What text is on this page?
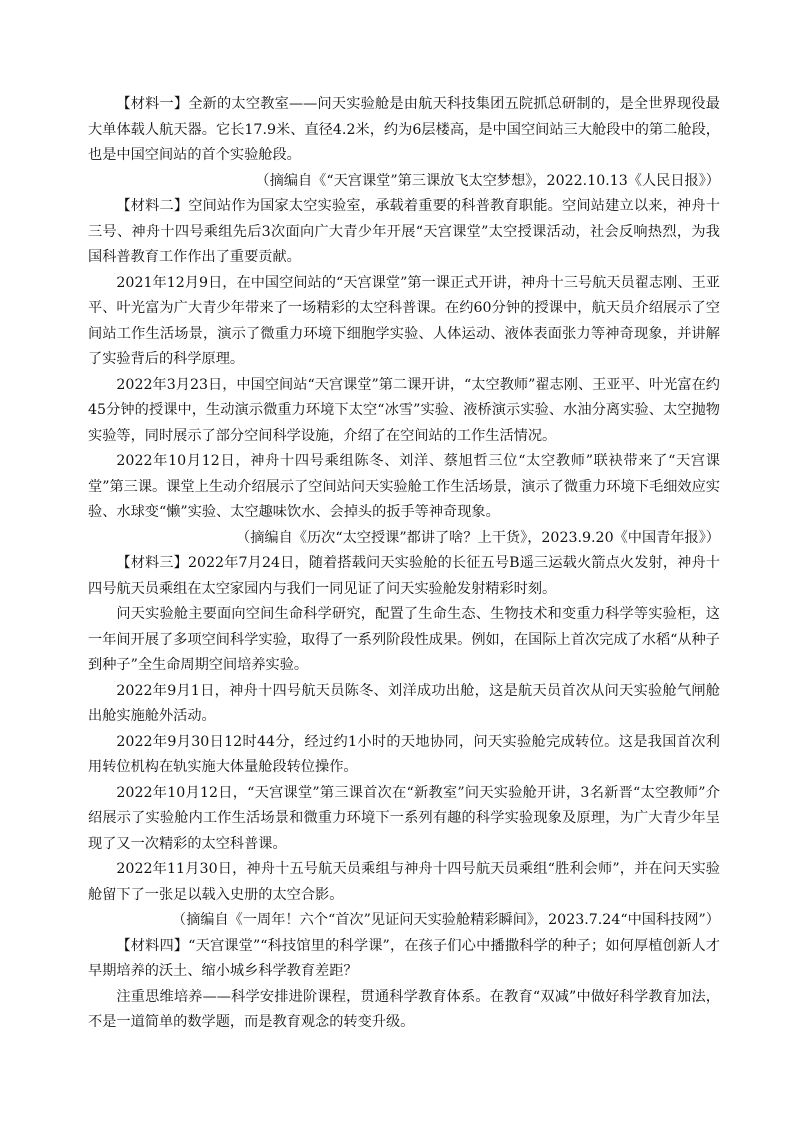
【材料一】全新的太空教室——问天实验舱是由航天科技集团五院抓总研制的，是全世界现役最大单体载人航天器。它长17.9米、直径4.2米，约为6层楼高，是中国空间站三大舱段中的第二舱段，也是中国空间站的首个实验舱段。

（摘编自《“天宫课堂”第三课放飞太空梦想》，2022.10.13《人民日报》）

【材料二】空间站作为国家太空实验室，承载着重要的科普教育职能。空间站建立以来，神舟十三号、神舟十四号乘组先后3次面向广大青少年开展“天宫课堂”太空授课活动，社会反响热烈，为我国科普教育工作作出了重要贡献。

2021年12月9日，在中国空间站的“天宫课堂”第一课正式开讲，神舟十三号航天员翟志刚、王亚平、叶光富为广大青少年带来了一场精彩的太空科普课。在约60分钟的授课中，航天员介绍展示了空间站工作生活场景，演示了微重力环境下细胞学实验、人体运动、液体表面张力等神奇现象，并讲解了实验背后的科学原理。

2022年3月23日，中国空间站“天宫课堂”第二课开讲，“太空教师”翟志刚、王亚平、叶光富在约45分钟的授课中，生动演示微重力环境下太空“冰雪”实验、液桥演示实验、水油分离实验、太空抛物实验等，同时展示了部分空间科学设施，介绍了在空间站的工作生活情况。

2022年10月12日，神舟十四号乘组陈冬、刘洋、蔡旭哲三位“太空教师”联袂带来了“天宫课堂”第三课。课堂上生动介绍展示了空间站问天实验舱工作生活场景，演示了微重力环境下毛细效应实验、水球变“懒”实验、太空趣味饮水、会掉头的扳手等神奇现象。

（摘编自《历次“太空授课”都讲了啥？上干货》，2023.9.20《中国青年报》）

【材料三】2022年7月24日，随着搭载问天实验舱的长征五号B遥三运载火箭点火发射，神舟十四号航天员乘组在太空家园内与我们一同见证了问天实验舱发射精彩时刻。

问天实验舱主要面向空间生命科学研究，配置了生命生态、生物技术和变重力科学等实验柜，这一年间开展了多项空间科学实验，取得了一系列阶段性成果。例如，在国际上首次完成了水稻“从种子到种子”全生命周期空间培养实验。

2022年9月1日，神舟十四号航天员陈冬、刘洋成功出舱，这是航天员首次从问天实验舱气闸舱出舱实施舱外活动。

2022年9月30日12时44分，经过约1小时的天地协同，问天实验舱完成转位。这是我国首次利用转位机构在轨实施大体量舱段转位操作。

2022年10月12日，“天宫课堂”第三课首次在“新教室”问天实验舱开讲，3名新晋“太空教师”介绍展示了实验舱内工作生活场景和微重力环境下一系列有趣的科学实验现象及原理，为广大青少年呈现了又一次精彩的太空科普课。

2022年11月30日，神舟十五号航天员乘组与神舟十四号航天员乘组“胜利会师”，并在问天实验舱留下了一张足以载入史册的太空合影。

（摘编自《一周年！六个“首次”见证问天实验舱精彩瞬间》，2023.7.24“中国科技网”）

【材料四】“天宫课堂”“科技馆里的科学课”，在孩子们心中播撒科学的种子；如何厚植创新人才早期培养的沃土、缩小城乡科学教育差距？

注重思维培养——科学安排进阶课程，贯通科学教育体系。在教育“双减”中做好科学教育加法，不是一道简单的数学题，而是教育观念的转变升级。
